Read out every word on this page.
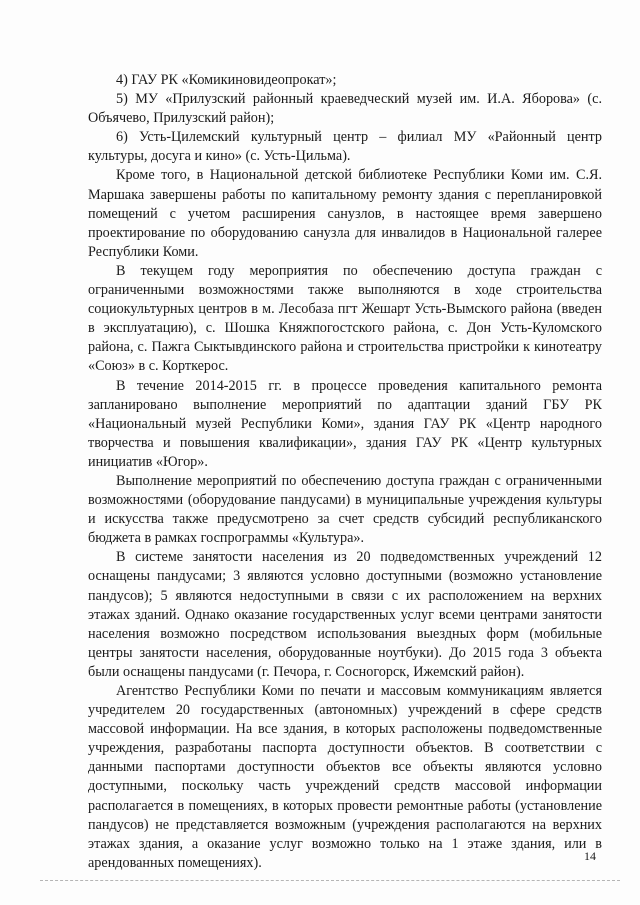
4) ГАУ РК «Комикиновидеопрокат»;

5) МУ «Прилузский районный краеведческий музей им. И.А. Яборова» (с. Объячево, Прилузский район);

6) Усть-Цилемский культурный центр – филиал МУ «Районный центр культуры, досуга и кино» (с. Усть-Цильма).

Кроме того, в Национальной детской библиотеке Республики Коми им. С.Я. Маршака завершены работы по капитальному ремонту здания с перепланировкой помещений с учетом расширения санузлов, в настоящее время завершено проектирование по оборудованию санузла для инвалидов в Национальной галерее Республики Коми.

В текущем году мероприятия по обеспечению доступа граждан с ограниченными возможностями также выполняются в ходе строительства социокультурных центров в м. Лесобаза пгт Жешарт Усть-Вымского района (введен в эксплуатацию), с. Шошка Княжпогостского района, с. Дон Усть-Куломского района, с. Пажга Сыктывдинского района и строительства пристройки к кинотеатру «Союз» в с. Корткерос.

В течение 2014-2015 гг. в процессе проведения капитального ремонта запланировано выполнение мероприятий по адаптации зданий ГБУ РК «Национальный музей Республики Коми», здания ГАУ РК «Центр народного творчества и повышения квалификации», здания ГАУ РК «Центр культурных инициатив «Югор».

Выполнение мероприятий по обеспечению доступа граждан с ограниченными возможностями (оборудование пандусами) в муниципальные учреждения культуры и искусства также предусмотрено за счет средств субсидий республиканского бюджета в рамках госпрограммы «Культура».

В системе занятости населения из 20 подведомственных учреждений 12 оснащены пандусами; 3 являются условно доступными (возможно установление пандусов); 5 являются недоступными в связи с их расположением на верхних этажах зданий. Однако оказание государственных услуг всеми центрами занятости населения возможно посредством использования выездных форм (мобильные центры занятости населения, оборудованные ноутбуки). До 2015 года 3 объекта были оснащены пандусами (г. Печора, г. Сосногорск, Ижемский район).

Агентство Республики Коми по печати и массовым коммуникациям является учредителем 20 государственных (автономных) учреждений в сфере средств массовой информации. На все здания, в которых расположены подведомственные учреждения, разработаны паспорта доступности объектов. В соответствии с данными паспортами доступности объектов все объекты являются условно доступными, поскольку часть учреждений средств массовой информации располагается в помещениях, в которых провести ремонтные работы (установление пандусов) не представляется возможным (учреждения располагаются на верхних этажах здания, а оказание услуг возможно только на 1 этаже здания, или в арендованных помещениях).	14
